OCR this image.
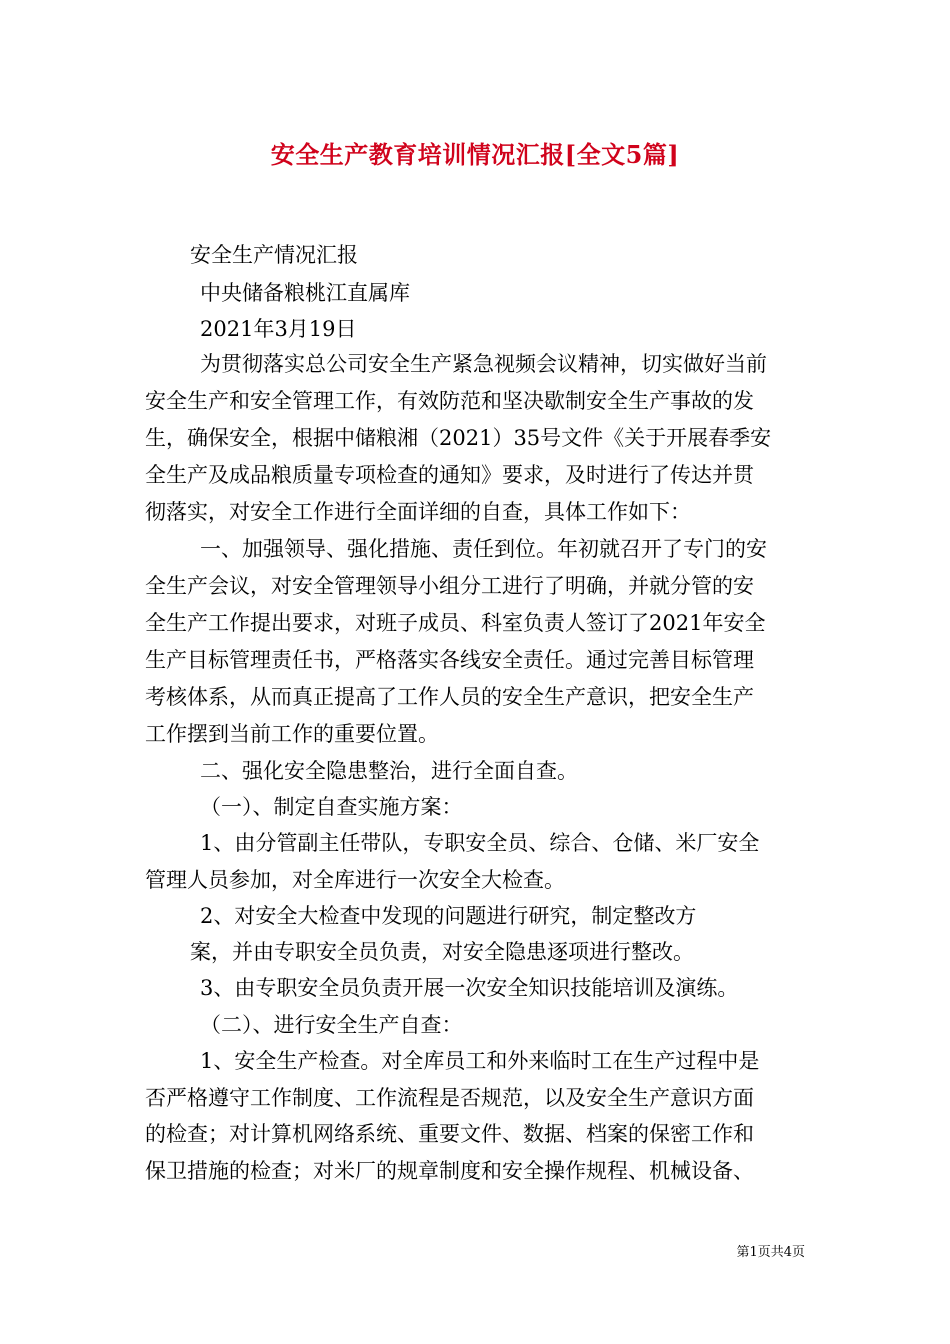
安全生产教育培训情况汇报[全文5篇]

安全生产情况汇报

中央储备粮桃江直属库

2021年3月19日

为贯彻落实总公司安全生产紧急视频会议精神，切实做好当前

安全生产和安全管理工作，有效防范和坚决歇制安全生产事故的发

生，确保安全，根据中储粮湘（2021）35号文件《关于开展春季安

全生产及成品粮质量专项检查的通知》要求，及时进行了传达并贯

彻落实，对安全工作进行全面详细的自查，具体工作如下：

一、加强领导、强化措施、责任到位。年初就召开了专门的安

全生产会议，对安全管理领导小组分工进行了明确，并就分管的安

全生产工作提出要求，对班子成员、科室负责人签订了2021年安全

生产目标管理责任书，严格落实各线安全责任。通过完善目标管理

考核体系，从而真正提高了工作人员的安全生产意识，把安全生产

工作摆到当前工作的重要位置。

二、强化安全隐患整治，进行全面自查。

（一）、制定自查实施方案：

1、由分管副主任带队，专职安全员、综合、仓储、米厂安全

管理人员参加，对全库进行一次安全大检查。

2、对安全大检查中发现的问题进行研究，制定整改方

案，并由专职安全员负责，对安全隐患逐项进行整改。

3、由专职安全员负责开展一次安全知识技能培训及演练。

（二）、进行安全生产自查：

1、安全生产检查。对全库员工和外来临时工在生产过程中是

否严格遵守工作制度、工作流程是否规范，以及安全生产意识方面

的检查；对计算机网络系统、重要文件、数据、档案的保密工作和

保卫措施的检查；对米厂的规章制度和安全操作规程、机械设备、

第1页共4页
